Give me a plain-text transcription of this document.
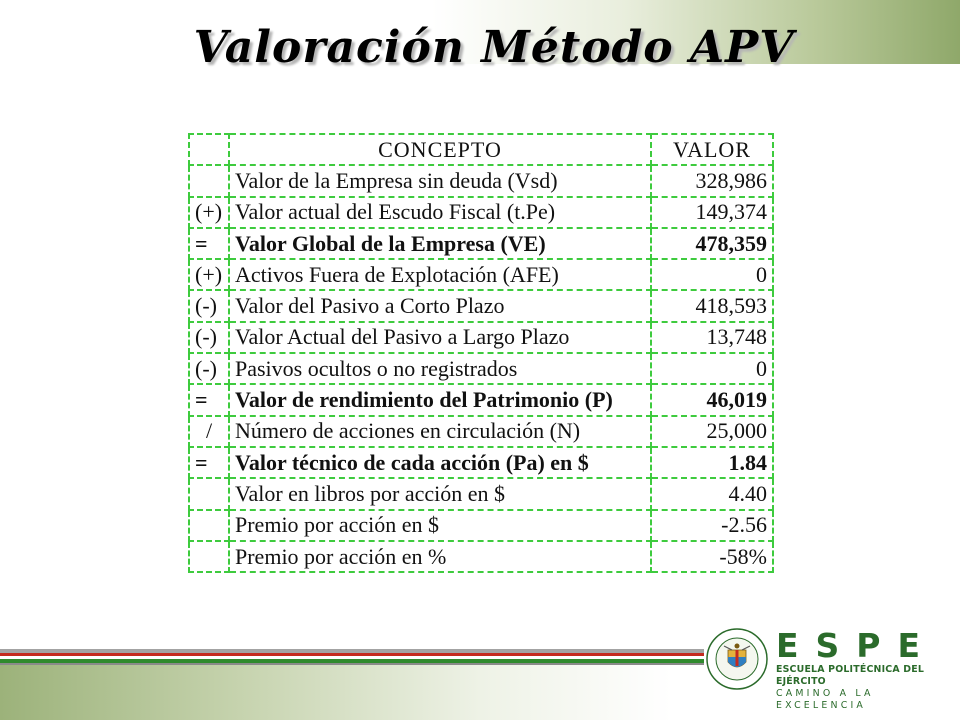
Valoración Método APV
	CONCEPTO	VALOR
	Valor de la Empresa sin deuda (Vsd)	328,986
(+)	Valor actual del Escudo Fiscal (t.Pe)	149,374
=	Valor Global de la Empresa (VE)	478,359
(+)	Activos Fuera de Explotación (AFE)	0
(-)	Valor del Pasivo a Corto Plazo	418,593
(-)	Valor Actual del Pasivo a Largo Plazo	13,748
(-)	Pasivos ocultos o no registrados	0
=	Valor de rendimiento del Patrimonio (P)	46,019
/	Número de acciones en circulación (N)	25,000
=	Valor técnico de cada acción (Pa) en $	1.84
	Valor en libros por acción en $	4.40
	Premio por acción en $	-2.56
	Premio por acción en %	-58%
ESPE
ESCUELA POLITÉCNICA DEL EJÉRCITO
CAMINO A LA EXCELENCIA
